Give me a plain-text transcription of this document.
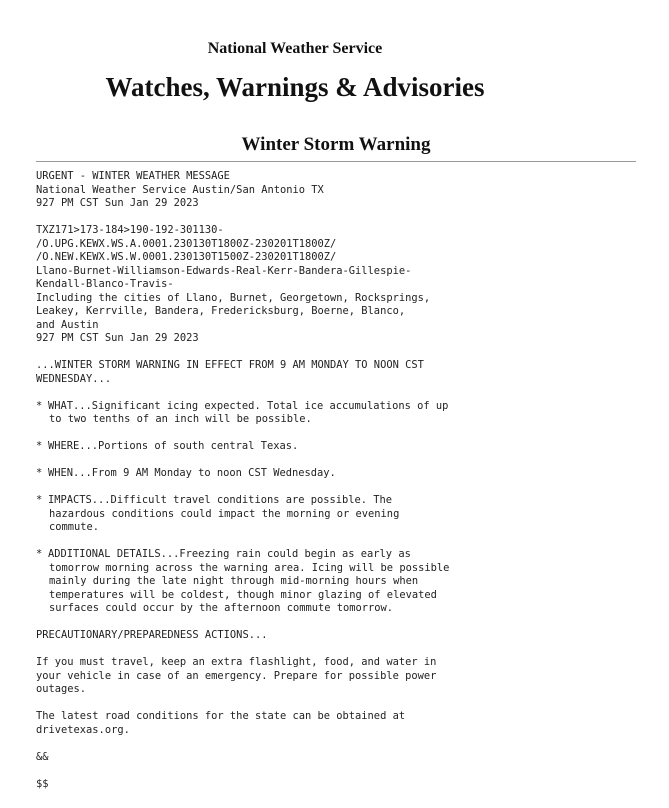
National Weather Service
Watches, Warnings & Advisories
Winter Storm Warning
URGENT - WINTER WEATHER MESSAGE
National Weather Service Austin/San Antonio TX
927 PM CST Sun Jan 29 2023
TXZ171>173-184>190-192-301130-
/O.UPG.KEWX.WS.A.0001.230130T1800Z-230201T1800Z/
/O.NEW.KEWX.WS.W.0001.230130T1500Z-230201T1800Z/
Llano-Burnet-Williamson-Edwards-Real-Kerr-Bandera-Gillespie-
Kendall-Blanco-Travis-
Including the cities of Llano, Burnet, Georgetown, Rocksprings,
Leakey, Kerrville, Bandera, Fredericksburg, Boerne, Blanco,
and Austin
927 PM CST Sun Jan 29 2023
...WINTER STORM WARNING IN EFFECT FROM 9 AM MONDAY TO NOON CST
WEDNESDAY...
* WHAT...Significant icing expected. Total ice accumulations of up
to two tenths of an inch will be possible.
* WHERE...Portions of south central Texas.
* WHEN...From 9 AM Monday to noon CST Wednesday.
* IMPACTS...Difficult travel conditions are possible. The
hazardous conditions could impact the morning or evening
commute.
* ADDITIONAL DETAILS...Freezing rain could begin as early as
tomorrow morning across the warning area. Icing will be possible
mainly during the late night through mid-morning hours when
temperatures will be coldest, though minor glazing of elevated
surfaces could occur by the afternoon commute tomorrow.
PRECAUTIONARY/PREPAREDNESS ACTIONS...
If you must travel, keep an extra flashlight, food, and water in
your vehicle in case of an emergency. Prepare for possible power
outages.
The latest road conditions for the state can be obtained at
drivetexas.org.
&&
$$
